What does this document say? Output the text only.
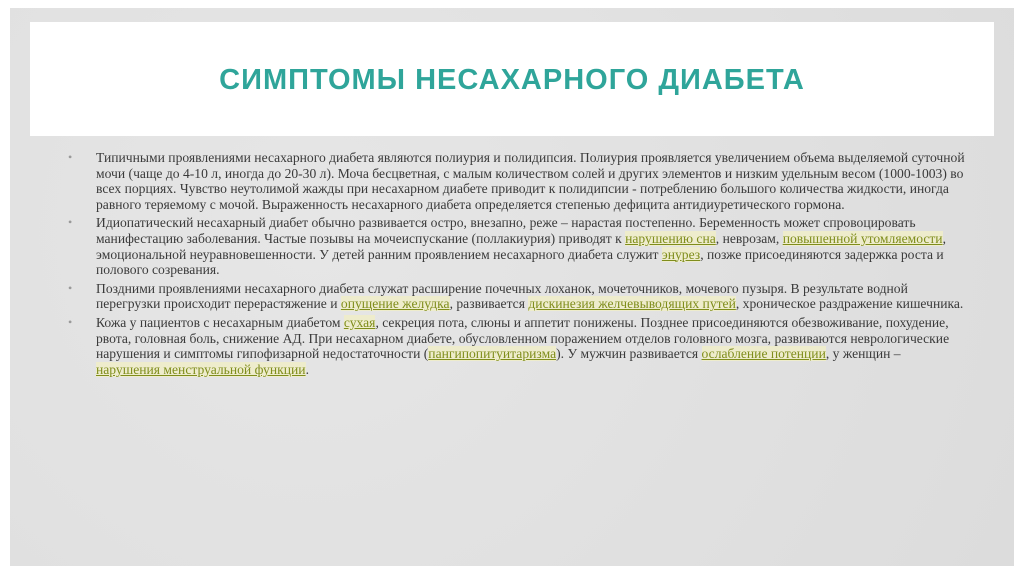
СИМПТОМЫ НЕСАХАРНОГО ДИАБЕТА
• Типичными проявлениями несахарного диабета являются полиурия и полидипсия. Полиурия проявляется увеличением объема выделяемой суточной мочи (чаще до 4-10 л, иногда до 20-30 л). Моча бесцветная, с малым количеством солей и других элементов и низким удельным весом (1000-1003) во всех порциях. Чувство неутолимой жажды при несахарном диабете приводит к полидипсии - потреблению большого количества жидкости, иногда равного теряемому с мочой. Выраженность несахарного диабета определяется степенью дефицита антидиуретического гормона.
• Идиопатический несахарный диабет обычно развивается остро, внезапно, реже – нарастая постепенно. Беременность может спровоцировать манифестацию заболевания. Частые позывы на мочеиспускание (поллакиурия) приводят к нарушению сна, неврозам, повышенной утомляемости, эмоциональной неуравновешенности. У детей ранним проявлением несахарного диабета служит энурез, позже присоединяются задержка роста и полового созревания.
• Поздними проявлениями несахарного диабета служат расширение почечных лоханок, мочеточников, мочевого пузыря. В результате водной перегрузки происходит перерастяжение и опущение желудка, развивается дискинезия желчевыводящих путей, хроническое раздражение кишечника.
• Кожа у пациентов с несахарным диабетом сухая, секреция пота, слюны и аппетит понижены. Позднее присоединяются обезвоживание, похудение, рвота, головная боль, снижение АД. При несахарном диабете, обусловленном поражением отделов головного мозга, развиваются неврологические нарушения и симптомы гипофизарной недостаточности (пангипопитуитаризма). У мужчин развивается ослабление потенции, у женщин – нарушения менструальной функции.
